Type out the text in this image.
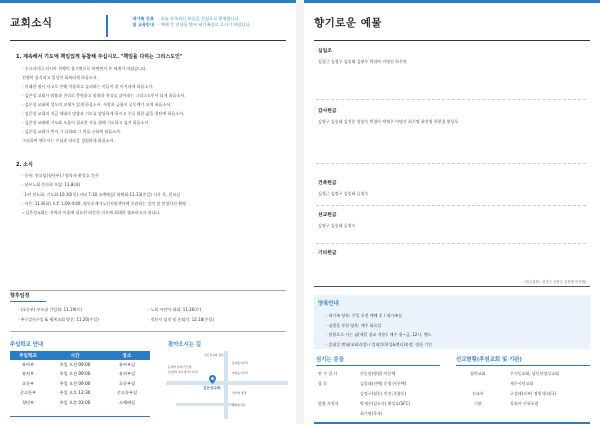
교회소식	새가족 등록
및 교육안내
· 오늘 등록하신 분들을 진심으로 환영합니다.
· 예배 후 안내를 받아 새가족실로 오시기 바랍니다.
1. 계속해서 기도에 책임있게 동참해 주십시오. "책임을 다하는 그리스도인"
- 우크라이나 러시아 전쟁이 참기면으로 바뀌면서 온 세계가 어렵습니다.
전쟁이 종식되고 일상이 회복되게 하옵소서.
- 미래한 정사 사고로 인해 마음하고 슬퍼하는 이들이 잘 이겨내게 하옵소서.
- 김은성 교회가 말씀과 진리로 충만하고 말씀과 진리를 살아내는 그리스도인이 되게 하옵소서.
- 김은성 교회에 성도의 교제가 있게 하옵소서. 사랑과 긍휼이 공동체가 되게 하옵소서.
- 김은성 교회의 지금 세대가 말씀과 기도를 감당하게 하시고 주를 위한 삶을 결단케 하옵소서.
- 김은성 교회에 기도와 도움이 필요한 자를 위해 기도하고 섬겨 하옵소서.
- 김은성 교회가 먼저 그 나라와 그 의를 구하게 하옵소서.
그리하여 채우시는 주님과 약속을 경험하게 하옵소서.
2. 소식
· 등록: 현요임(청년부) / 양육자-황상호 간사
· 남부노회 목사회 모임: 11.8(화)
· 1여 전도회: 기도회-10.10(목) 저녁 7:30 소예배실/ 월례회-11.13(주일) 식사 후, 친교실
· 마은: 11.8(화) 오후 1:00-4:00, 영등포재가노인지원센터에 주관하는 강의 및 인성사진 촬영
✓김은성교회는 지역과 이웃에 필요한 따뜻한 미르에 최대한 협조하고자 합니다.
향후일정
· (초등부) 부모님 간담회: 11.19(토)	· 노회 어린이 대회: 11.26(토)
· 추수감사주일 & 행복교회 방문: 11.20(주일)	· 직분자 임직 및 은퇴식: 12.18(주일)
주일학교 안내
주일학교	시간	장소
유아부	주일 오전 09:00	유아부실
유치부	주일 오전 09:00	유치부실
초등부	주일 오전 09:00	초등부실
중고등부	주일 오후 12:30	중고등부실
청년부	주일 오후 03:00	소예배실
찾아오시는 길
김은성교회 정문
문래역 롯데 리모델
(문래역 대우재가프라자)
문래동사거리
양평동사거리
당산역 방면
문래창작촌
김은성교회
향기로운 예물
십일조
김성근 김정구 김종태 김현우 박리아 이명선 하우연
감사헌금
김정구 김종태 김진준 장장숙 박경아 박재우 이명선 최기명 최진영 한현경 황상호
건축헌금
김성근 김정구 김종태 류정숙
선교헌금
김정구 김종태 류정숙
기타헌금
(헌금위원 : 김정구 공장수 김종태 이은래)
양육안내
· 새가족 양육: 주일 오전 예배 후 / 새가족실
· 심방을 통한 양육: 매주 화요일
· 말씀으로 사는 삶(제일 설교 적용): 매주 월~금, 12시, 밴드
· 일대일 엔딩(교회과정) / 일대일(편입&멘티)과정: 정한 기간
섬기는 분들
안 수 집 사	손동관(행정) 이문채
장 로	김종태(선택) 문정수(선택)
김정구(협동) 이진근(협동)
말씀 사역자	박재우(김도사) 황상호(SFC)
최기명(목사)
선교현황(후원교회 및 기관)
협력교회	무거동교회, 남동산장로교회
제주시민교회
선교사	구성태(자부) 정원석(태국)
기관	목회자 신학포럼
